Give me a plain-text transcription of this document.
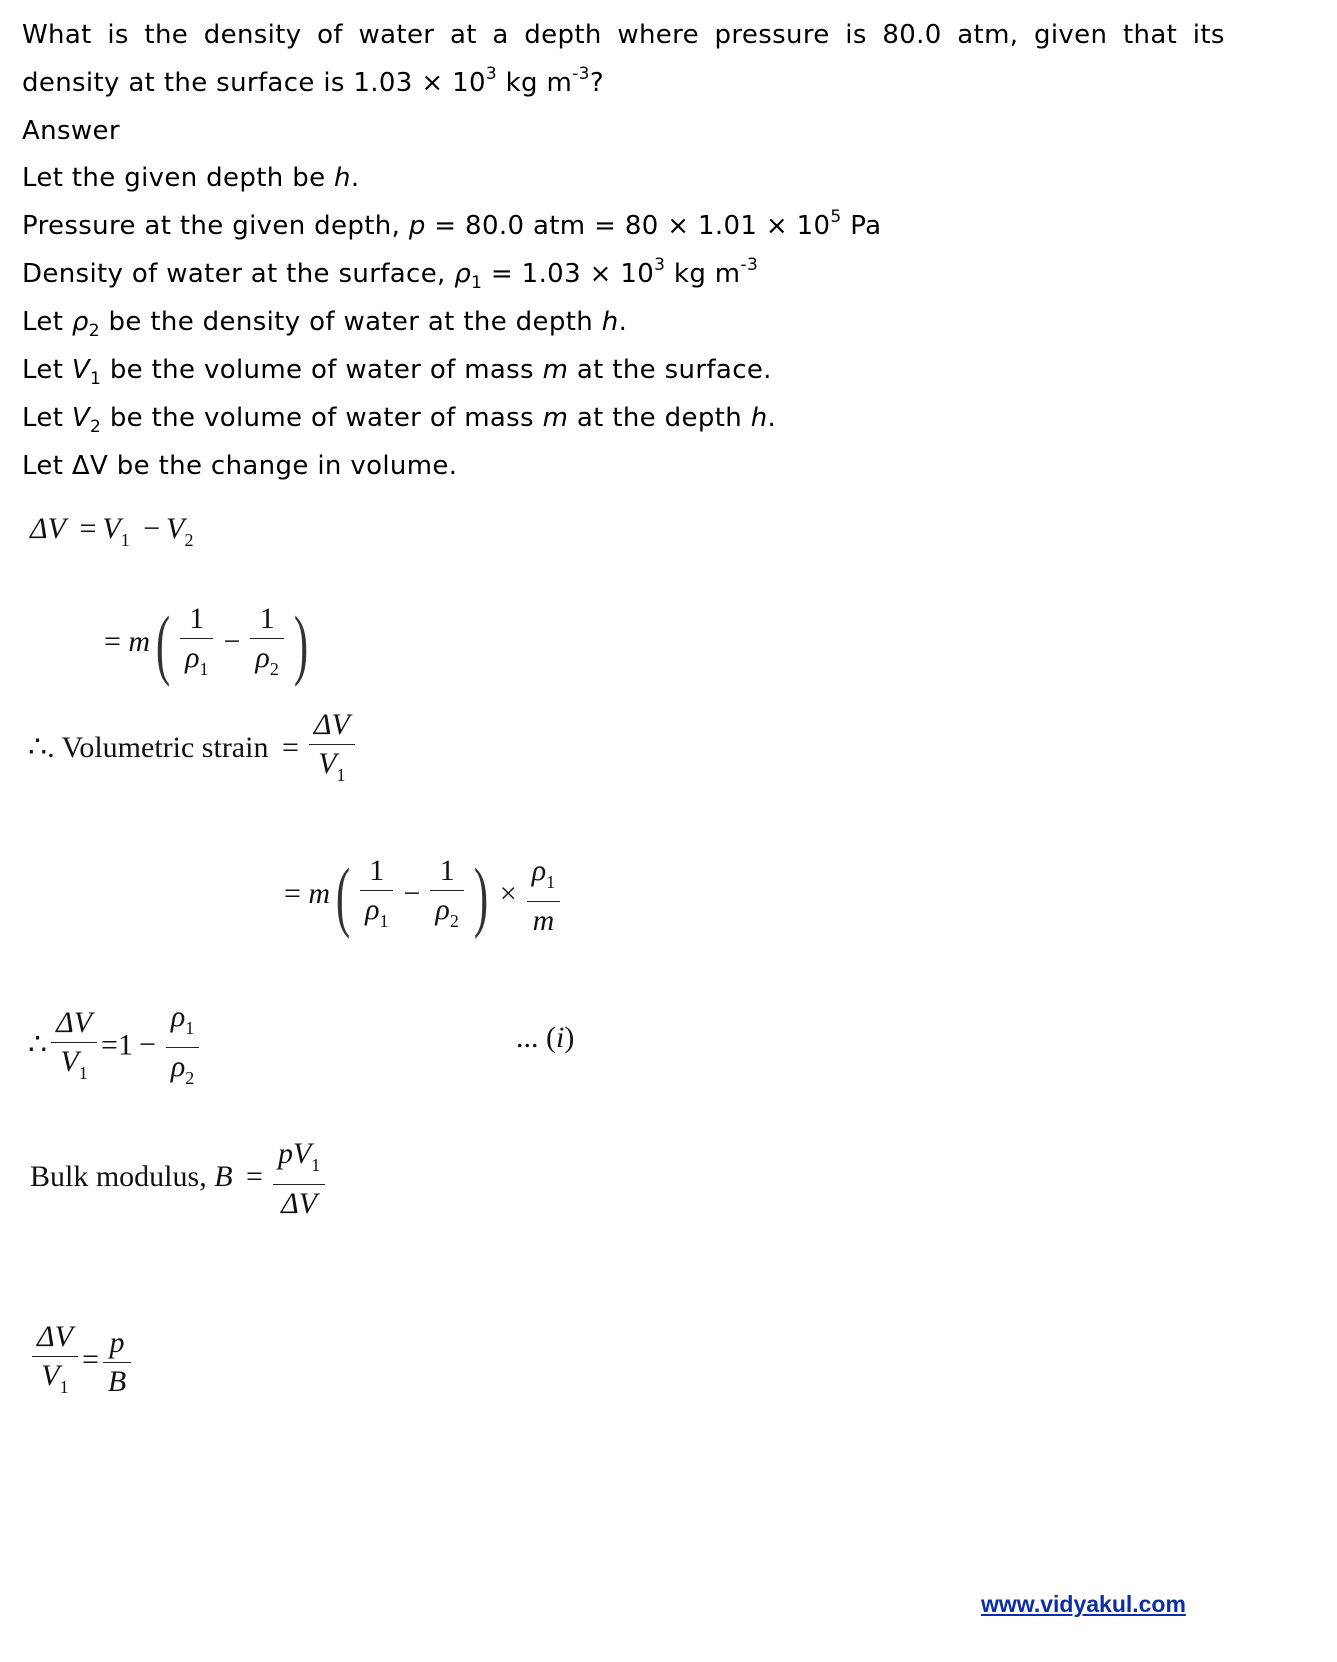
What is the density of water at a depth where pressure is 80.0 atm, given that its
density at the surface is $1.03 \times 10^3$ kg $m^{-3}$?
Answer
Let the given depth be h.
Pressure at the given depth, p = 80.0 atm = $80 \times 1.01 \times 10^5$ Pa
Density of water at the surface, $\rho_1 = 1.03 \times 10^3$ kg $m^{-3}$
Let $\rho_2$ be the density of water at the depth h.
Let $V_1$ be the volume of water of mass m at the surface.
Let $V_2$ be the volume of water of mass m at the depth h.
Let ΔV be the change in volume.
$\Delta V = V_1 - V_2$
= $m( \frac{1}{\rho_1} - \frac{1}{\rho_2}$ )
∴. Volumetric strain = $\frac{\Delta V}{V_1}$
= $m( \frac{1}{\rho_1} - \frac{1}{\rho_2}$ ) × $\frac{\rho_1}{m}$
∴ $\frac{\Delta V}{V_1} =1 - \frac{\rho_1}{\rho_2}$	... (i)
Bulk modulus, $B = \frac{pV_1}{\Delta V}$
$\frac{\Delta V}{V_1} = \frac{p}{B}$
www.vidyakul.com
